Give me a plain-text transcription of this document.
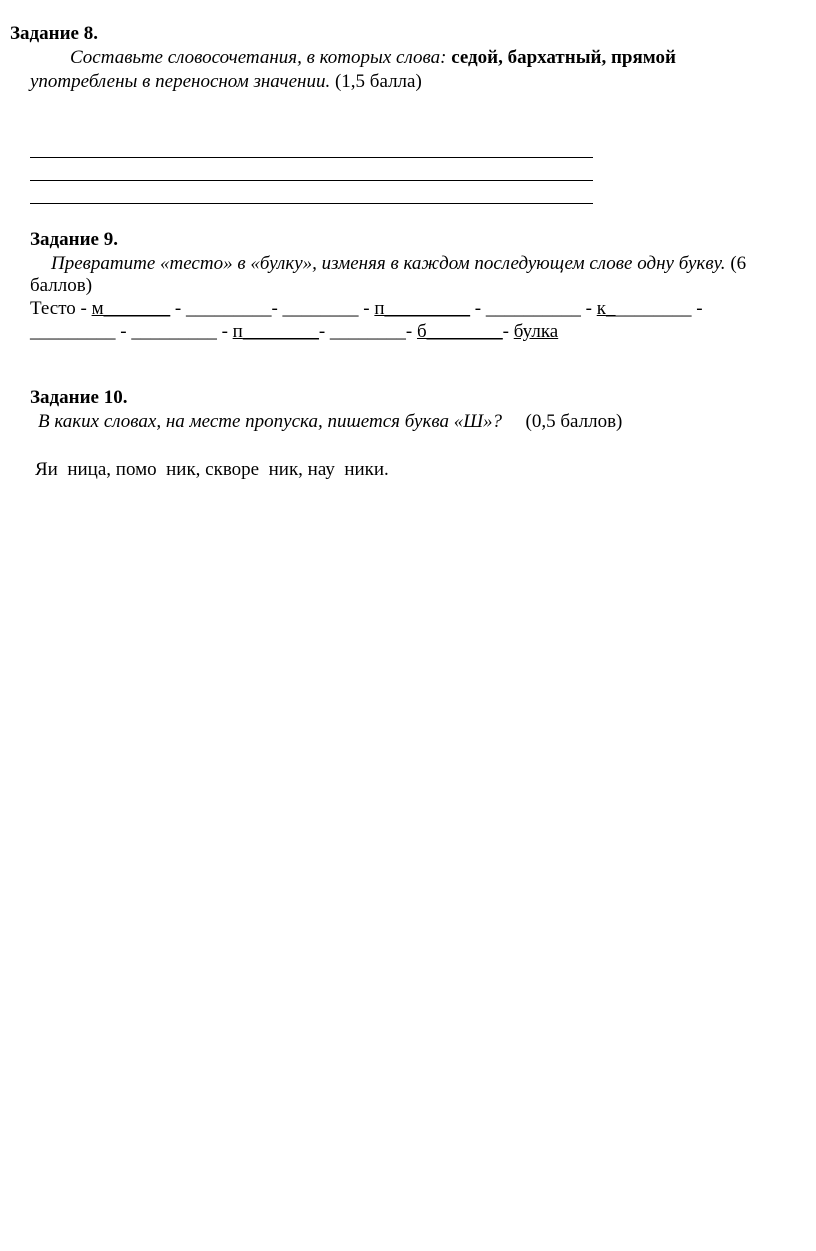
Задание 8.
Составьте словосочетания, в которых слова: седой, бархатный, прямой
употреблены в переносном значении. (1,5 балла)
Задание 9.
Превратите «тесто» в «булку», изменяя в каждом последующем слове одну букву. (6
баллов)
Тесто - м_______ - _________- ________ - п_________ - __________ - к_________ -
_________ - _________ - п________- ________- б________- булка
Задание 10.
В каких словах, на месте пропуска, пишется буква «Ш»? (0,5 баллов)
Яи  ница, помо  ник, скворе  ник, нау  ники.
